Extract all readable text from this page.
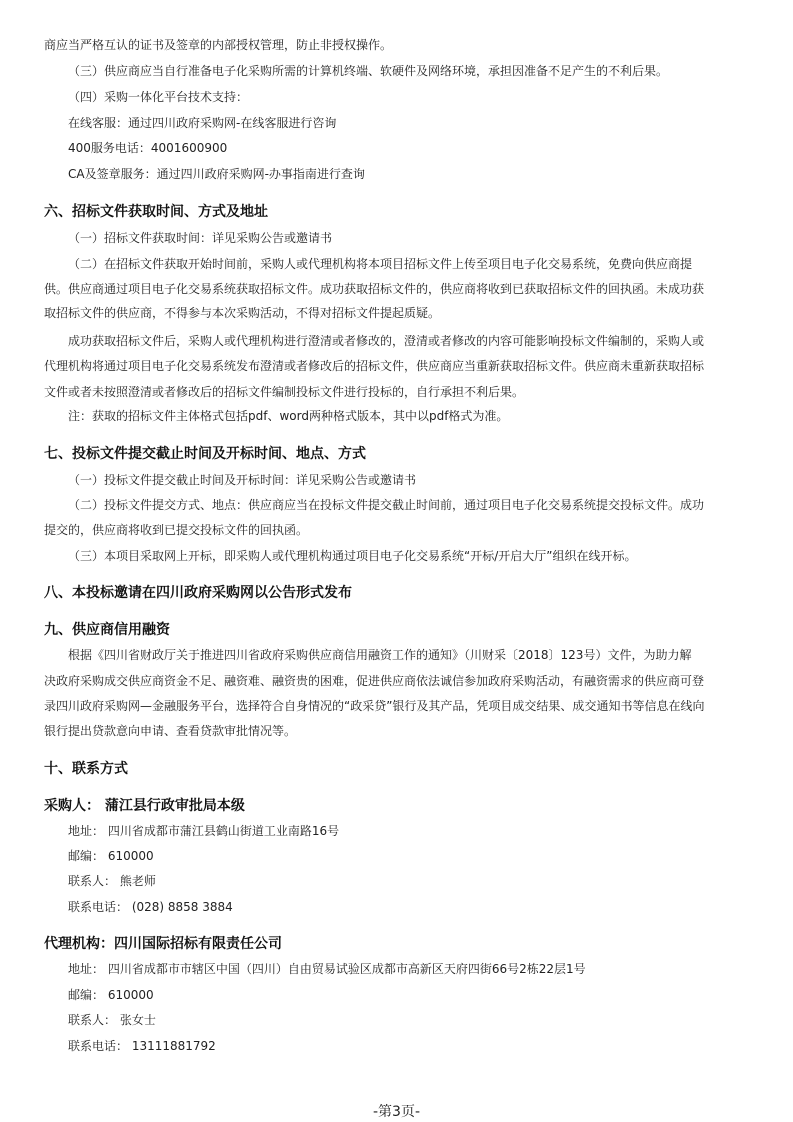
商应当严格互认的证书及签章的内部授权管理，防止非授权操作。
（三）供应商应当自行准备电子化采购所需的计算机终端、软硬件及网络环境，承担因准备不足产生的不利后果。
（四）采购一体化平台技术支持：
在线客服：通过四川政府采购网-在线客服进行咨询
400服务电话：4001600900
CA及签章服务：通过四川政府采购网-办事指南进行查询
六、招标文件获取时间、方式及地址
（一）招标文件获取时间：详见采购公告或邀请书
（二）在招标文件获取开始时间前，采购人或代理机构将本项目招标文件上传至项目电子化交易系统，免费向供应商提
供。供应商通过项目电子化交易系统获取招标文件。成功获取招标文件的，供应商将收到已获取招标文件的回执函。未成功获
取招标文件的供应商，不得参与本次采购活动，不得对招标文件提起质疑。
成功获取招标文件后，采购人或代理机构进行澄清或者修改的，澄清或者修改的内容可能影响投标文件编制的，采购人或
代理机构将通过项目电子化交易系统发布澄清或者修改后的招标文件，供应商应当重新获取招标文件。供应商未重新获取招标
文件或者未按照澄清或者修改后的招标文件编制投标文件进行投标的，自行承担不利后果。
注：获取的招标文件主体格式包括pdf、word两种格式版本，其中以pdf格式为准。
七、投标文件提交截止时间及开标时间、地点、方式
（一）投标文件提交截止时间及开标时间：详见采购公告或邀请书
（二）投标文件提交方式、地点：供应商应当在投标文件提交截止时间前，通过项目电子化交易系统提交投标文件。成功
提交的，供应商将收到已提交投标文件的回执函。
（三）本项目采取网上开标，即采购人或代理机构通过项目电子化交易系统“开标/开启大厅”组织在线开标。
八、本投标邀请在四川政府采购网以公告形式发布
九、供应商信用融资
根据《四川省财政厅关于推进四川省政府采购供应商信用融资工作的通知》（川财采〔2018〕123号）文件，为助力解
决政府采购成交供应商资金不足、融资难、融资贵的困难，促进供应商依法诚信参加政府采购活动，有融资需求的供应商可登
录四川政府采购网—金融服务平台，选择符合自身情况的“政采贷”银行及其产品，凭项目成交结果、成交通知书等信息在线向
银行提出贷款意向申请、查看贷款审批情况等。
十、联系方式
采购人： 蒲江县行政审批局本级
地址： 四川省成都市蒲江县鹤山街道工业南路16号
邮编： 610000
联系人： 熊老师
联系电话： (028) 8858 3884
代理机构：四川国际招标有限责任公司
地址： 四川省成都市市辖区中国（四川）自由贸易试验区成都市高新区天府四街66号2栋22层1号
邮编： 610000
联系人： 张女士
联系电话： 13111881792
-第3页-
